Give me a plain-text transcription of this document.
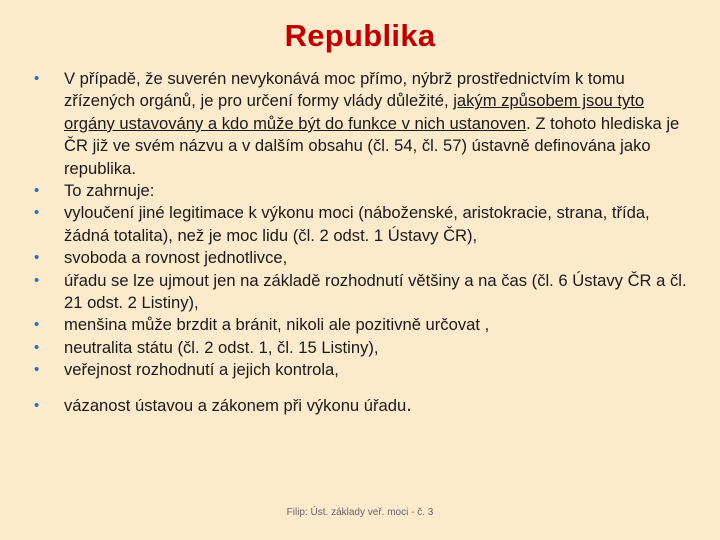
Republika
•	V případě, že suverén nevykonává moc přímo, nýbrž prostřednictvím k tomu zřízených orgánů, je pro určení formy vlády důležité, jakým způsobem jsou tyto orgány ustavovány a kdo může být do funkce v nich ustanoven. Z tohoto hlediska je ČR již ve svém názvu a v dalším obsahu (čl. 54, čl. 57) ústavně definována jako republika.
•	To zahrnuje:
•	vyloučení jiné legitimace k výkonu moci (náboženské, aristokracie, strana, třída, žádná totalita), než je moc lidu (čl. 2 odst. 1 Ústavy ČR),
•	svoboda a rovnost jednotlivce,
•	úřadu se lze ujmout jen na základě rozhodnutí většiny a na čas (čl. 6 Ústavy ČR a čl. 21 odst. 2 Listiny),
•	menšina může brzdit a bránit, nikoli ale pozitivně určovat ,
•	neutralita státu (čl. 2 odst. 1, čl. 15 Listiny),
•	veřejnost rozhodnutí a jejich kontrola,
•	vázanost ústavou a zákonem při výkonu úřadu.
Filip: Úst. základy veř. moci - č. 3
